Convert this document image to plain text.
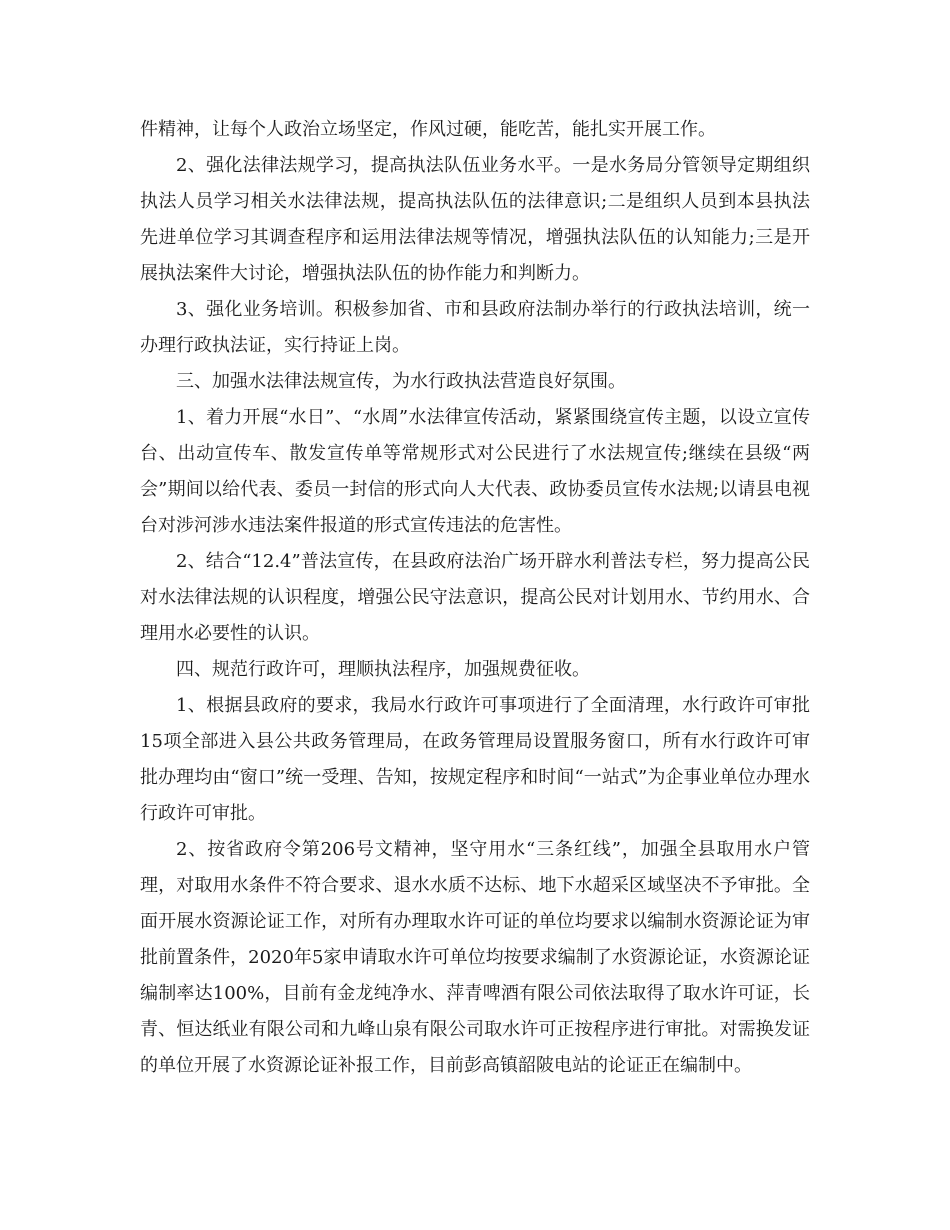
件精神，让每个人政治立场坚定，作风过硬，能吃苦，能扎实开展工作。

2、强化法律法规学习，提高执法队伍业务水平。一是水务局分管领导定期组织执法人员学习相关水法律法规，提高执法队伍的法律意识;二是组织人员到本县执法先进单位学习其调查程序和运用法律法规等情况，增强执法队伍的认知能力;三是开展执法案件大讨论，增强执法队伍的协作能力和判断力。

3、强化业务培训。积极参加省、市和县政府法制办举行的行政执法培训，统一办理行政执法证，实行持证上岗。

三、加强水法律法规宣传，为水行政执法营造良好氛围。

1、着力开展“水日”、“水周”水法律宣传活动，紧紧围绕宣传主题，以设立宣传台、出动宣传车、散发宣传单等常规形式对公民进行了水法规宣传;继续在县级“两会”期间以给代表、委员一封信的形式向人大代表、政协委员宣传水法规;以请县电视台对涉河涉水违法案件报道的形式宣传违法的危害性。

2、结合“12.4”普法宣传，在县政府法治广场开辟水利普法专栏，努力提高公民对水法律法规的认识程度，增强公民守法意识，提高公民对计划用水、节约用水、合理用水必要性的认识。

四、规范行政许可，理顺执法程序，加强规费征收。

1、根据县政府的要求，我局水行政许可事项进行了全面清理，水行政许可审批15项全部进入县公共政务管理局，在政务管理局设置服务窗口，所有水行政许可审批办理均由“窗口”统一受理、告知，按规定程序和时间“一站式”为企事业单位办理水行政许可审批。

2、按省政府令第206号文精神，坚守用水“三条红线”，加强全县取用水户管理，对取用水条件不符合要求、退水水质不达标、地下水超采区域坚决不予审批。全面开展水资源论证工作，对所有办理取水许可证的单位均要求以编制水资源论证为审批前置条件，2020年5家申请取水许可单位均按要求编制了水资源论证，水资源论证编制率达100%，目前有金龙纯净水、萍青啤酒有限公司依法取得了取水许可证，长青、恒达纸业有限公司和九峰山泉有限公司取水许可正按程序进行审批。对需换发证的单位开展了水资源论证补报工作，目前彭高镇韶陂电站的论证正在编制中。
